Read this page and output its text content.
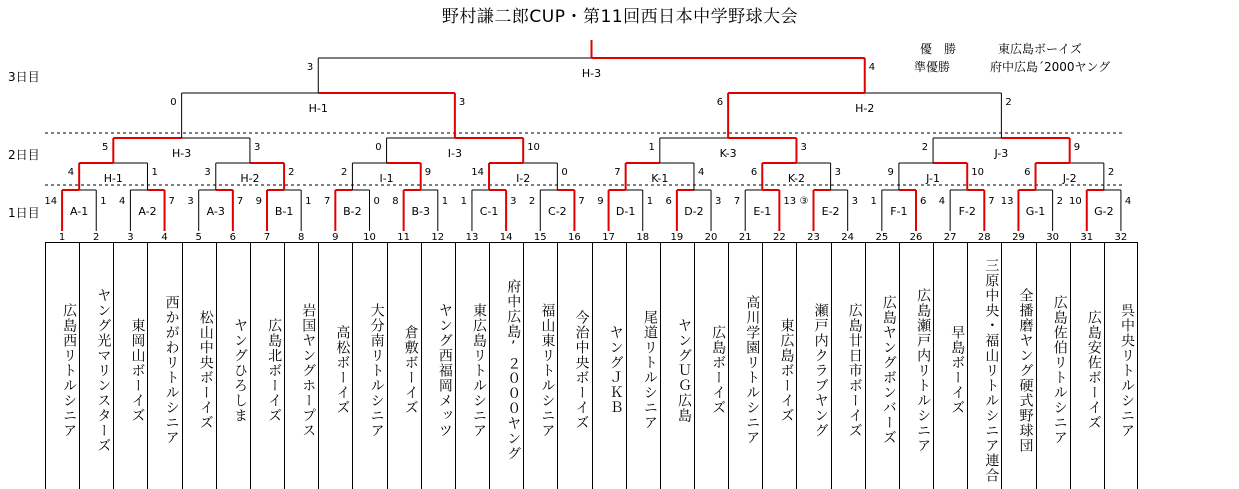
野村謙二郎CUP・第11回西日本中学野球大会
優　勝	東広島ボーイズ
準優勝	府中広島´2000ヤング
3日目
2日目
1日目
14	1
A-1
4	7
A-2
3	7
A-3
9	1
B-1
7	0
B-2
8	1
B-3
1	3
C-1
2	7
C-2
9	1
D-1
6	3
D-2
7	13
E-1
③	3
E-2
1	6
F-1
4	7
F-2
13	2
G-1
10	4
G-2
4	1
H-1	3	2
H-2	2	9
I-1	14	0
I-2	7	4
K-1	6	3
K-2	9	10
J-1	6	2
J-2
5	3
H-3	0	10
I-3	1	3
K-3	2	9
J-3
0	3
H-1	6	2
H-2
3	4
H-3
広島西リトルシニア	ヤング光マリンスターズ	東岡山ボーイズ	西かがわリトルシニア	松山中央ボーイズ	ヤングひろしま	広島北ボーイズ	岩国ヤングホープス	高松ボーイズ	大分南リトルシニア	倉敷ボーイズ	ヤング西福岡メッツ	東広島リトルシニア	府中広島’２０００ヤング	福山東リトルシニア	今治中央ボーイズ	ヤングＪＫＢ	尾道リトルシニア	ヤングＵＧ広島	広島ボーイズ	高川学園リトルシニア	東広島ボーイズ	瀬戸内クラブヤング	広島廿日市ボーイズ	広島ヤングボンバーズ	広島瀬戸内リトルシニア	早島ボーイズ	三原中央・福山リトルシニア連合	全播磨ヤング硬式野球団	広島佐伯リトルシニア	広島安佐ボーイズ	呉中央リトルシニア
1	2	3	4	5	6	7	8	9	10	11	12	13	14	15	16	17	18	19	20	21	22	23	24	25	26	27	28	29	30	31	32
